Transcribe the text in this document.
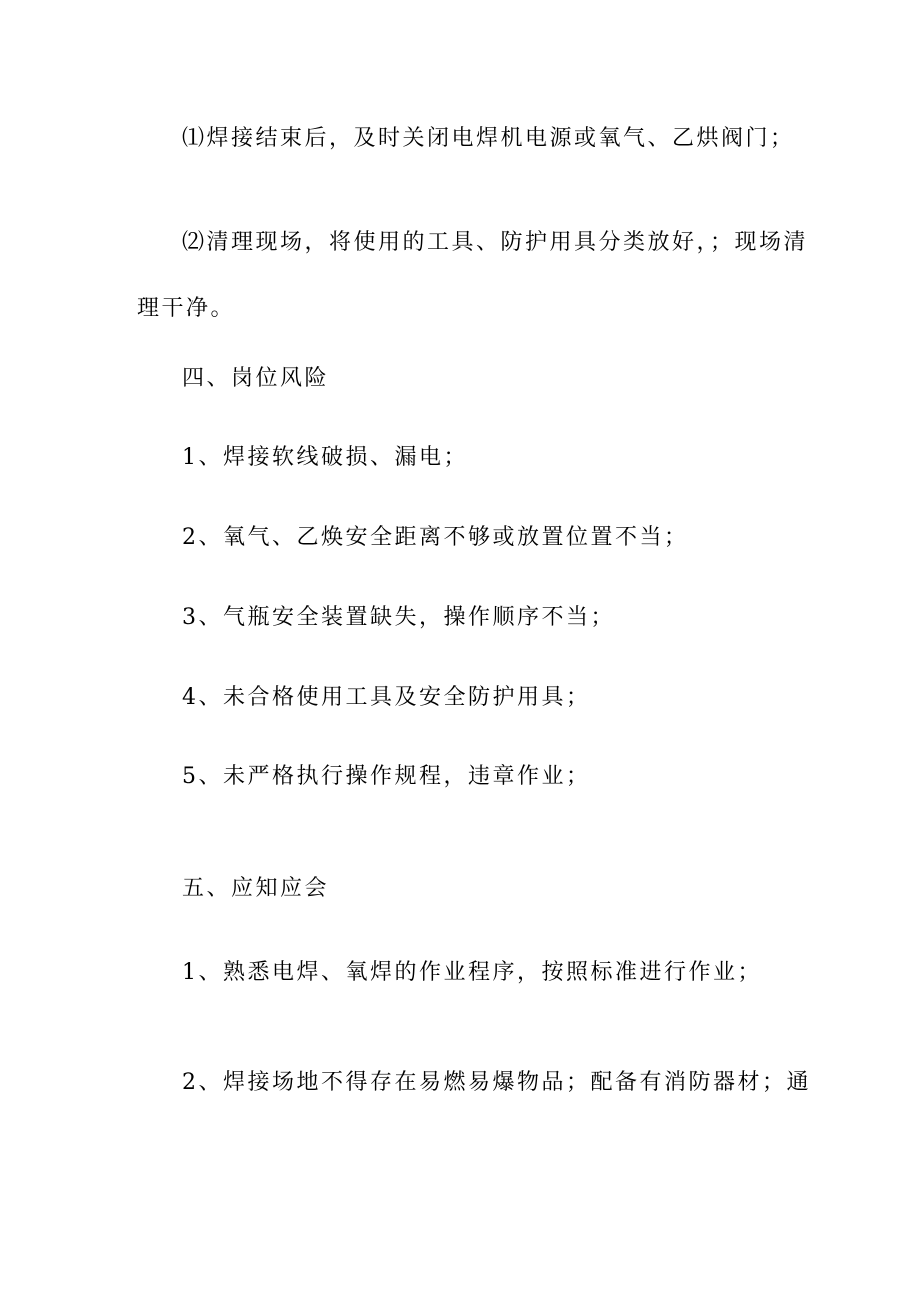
⑴焊接结束后，及时关闭电焊机电源或氧气、乙烘阀门；
⑵清理现场，将使用的工具、防护用具分类放好，；现场清
理干净。
四、岗位风险
1、焊接软线破损、漏电；
2、氧气、乙焕安全距离不够或放置位置不当；
3、气瓶安全装置缺失，操作顺序不当；
4、未合格使用工具及安全防护用具；
5、未严格执行操作规程，违章作业；
五、应知应会
1、熟悉电焊、氧焊的作业程序，按照标准进行作业；
2、焊接场地不得存在易燃易爆物品；配备有消防器材；通
